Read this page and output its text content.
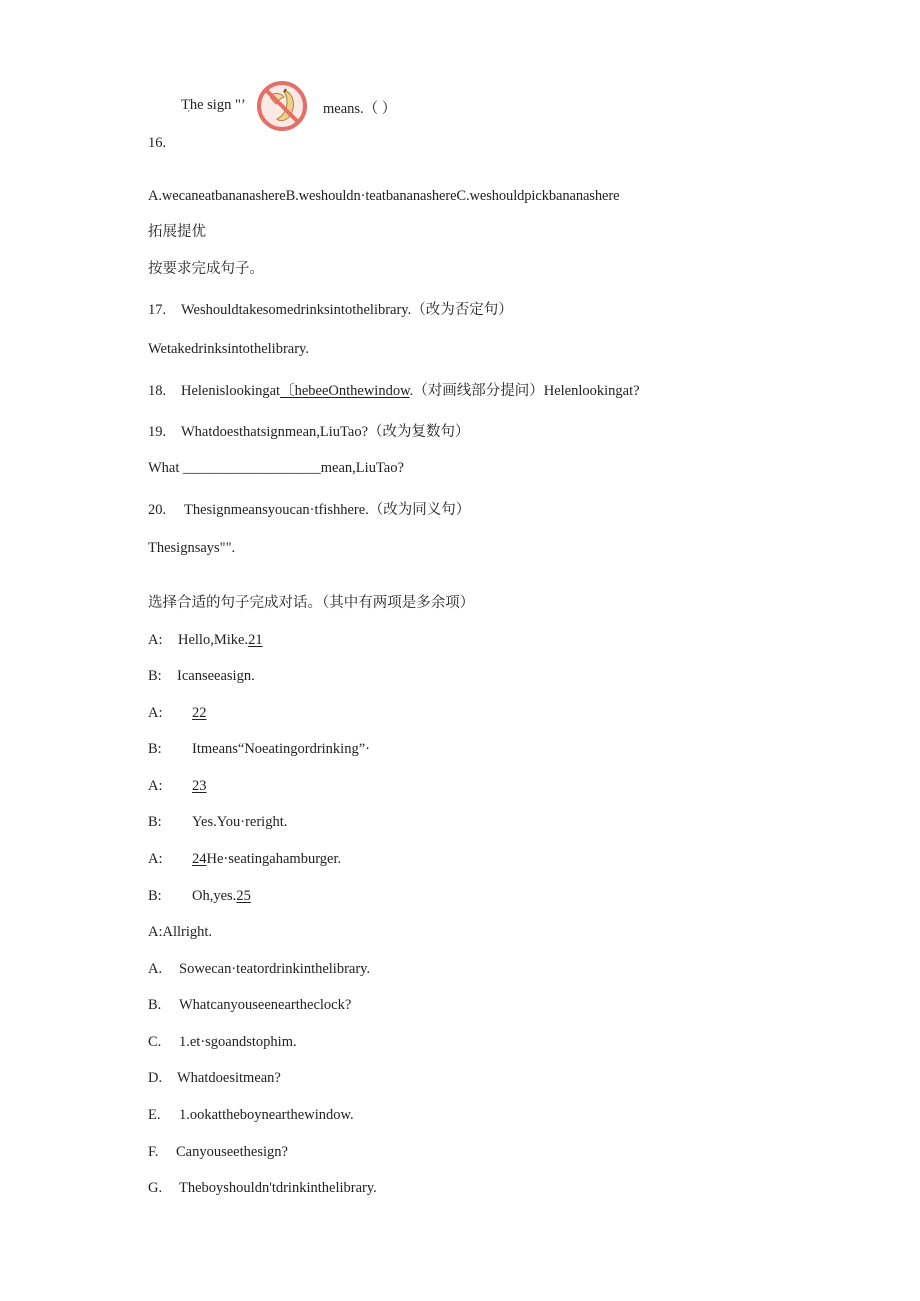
The sign "’
ˊ	means.（ ）
16.
A.wecaneatbananashereB.weshouldn·teatbananashereC.weshouldpickbananashere
拓展提优
按要求完成句子。
17. Weshouldtakesomedrinksintothelibrary.（改为否定句）
Wetakedrinksintothelibrary.
18. Helenislookingat〔hebeeOnthewindow.（对画线部分提问）Helenlookingat?
19. Whatdoesthatsignmean,LiuTao?（改为复数句）
What ___________________mean,LiuTao?
20. Thesignmeansyoucan·tfishhere.（改为同义句）
Thesignsays"".
选择合适的句子完成对话。（其中有两项是多余项）
A: Hello,Mike.21
B: Icanseeasign.
A: 22
B: Itmeans“Noeatingordrinking”·
A: 23
B: Yes.You·reright.
A: 24He·seatingahamburger.
B: Oh,yes.25
A:Allright.
A. Sowecan·teatordrinkinthelibrary.
B. Whatcanyouseeneartheclock?
C. 1.et·sgoandstophim.
D. Whatdoesitmean?
E. 1.ookattheboynearthewindow.
F. Canyouseethesign?
G. Theboyshouldn'tdrinkinthelibrary.
